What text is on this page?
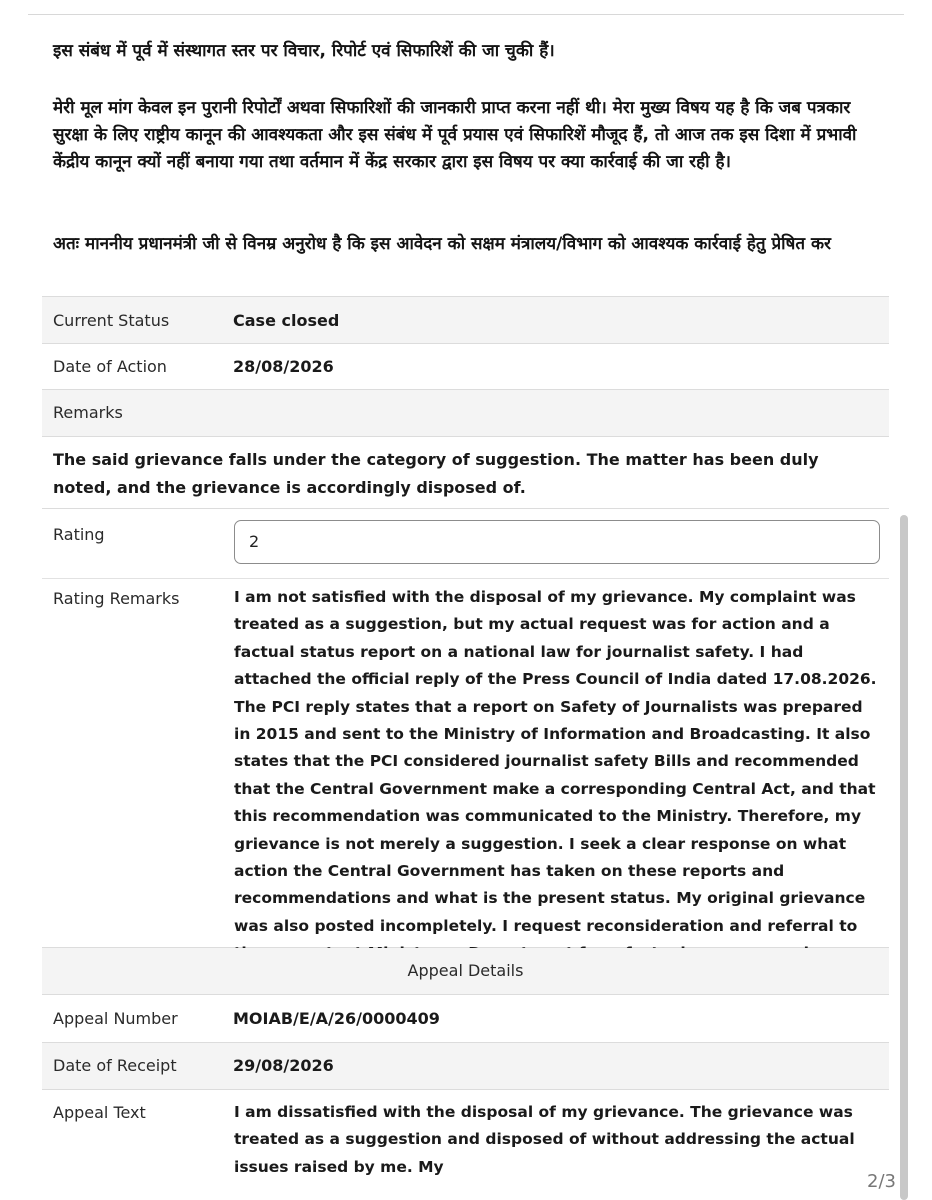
इस संबंध में पूर्व में संस्थागत स्तर पर विचार, रिपोर्ट एवं सिफारिशें की जा चुकी हैं।
मेरी मूल मांग केवल इन पुरानी रिपोर्टों अथवा सिफारिशों की जानकारी प्राप्त करना नहीं थी। मेरा मुख्य विषय यह है कि जब पत्रकार सुरक्षा के लिए राष्ट्रीय कानून की आवश्यकता और इस संबंध में पूर्व प्रयास एवं सिफारिशें मौजूद हैं, तो आज तक इस दिशा में प्रभावी केंद्रीय कानून क्यों नहीं बनाया गया तथा वर्तमान में केंद्र सरकार द्वारा इस विषय पर क्या कार्रवाई की जा रही है।
अतः माननीय प्रधानमंत्री जी से विनम्र अनुरोध है कि इस आवेदन को सक्षम मंत्रालय/विभाग को आवश्यक कार्रवाई हेतु प्रेषित कर
Current Status	Case closed
Date of Action	28/08/2026
Remarks
The said grievance falls under the category of suggestion. The matter has been duly noted, and the grievance is accordingly disposed of.
Rating	2
Rating Remarks	I am not satisfied with the disposal of my grievance. My complaint was treated as a suggestion, but my actual request was for action and a factual status report on a national law for journalist safety. I had attached the official reply of the Press Council of India dated 17.08.2026. The PCI reply states that a report on Safety of Journalists was prepared in 2015 and sent to the Ministry of Information and Broadcasting. It also states that the PCI considered journalist safety Bills and recommended that the Central Government make a corresponding Central Act, and that this recommendation was communicated to the Ministry. Therefore, my grievance is not merely a suggestion. I seek a clear response on what action the Central Government has taken on these reports and recommendations and what is the present status. My original grievance was also posted incompletely. I request reconsideration and referral to
Appeal Details
Appeal Number	MOIAB/E/A/26/0000409
Date of Receipt	29/08/2026
Appeal Text	I am dissatisfied with the disposal of my grievance. The grievance was treated as a suggestion and disposed of without addressing the actual issues raised by me. My
2/3
